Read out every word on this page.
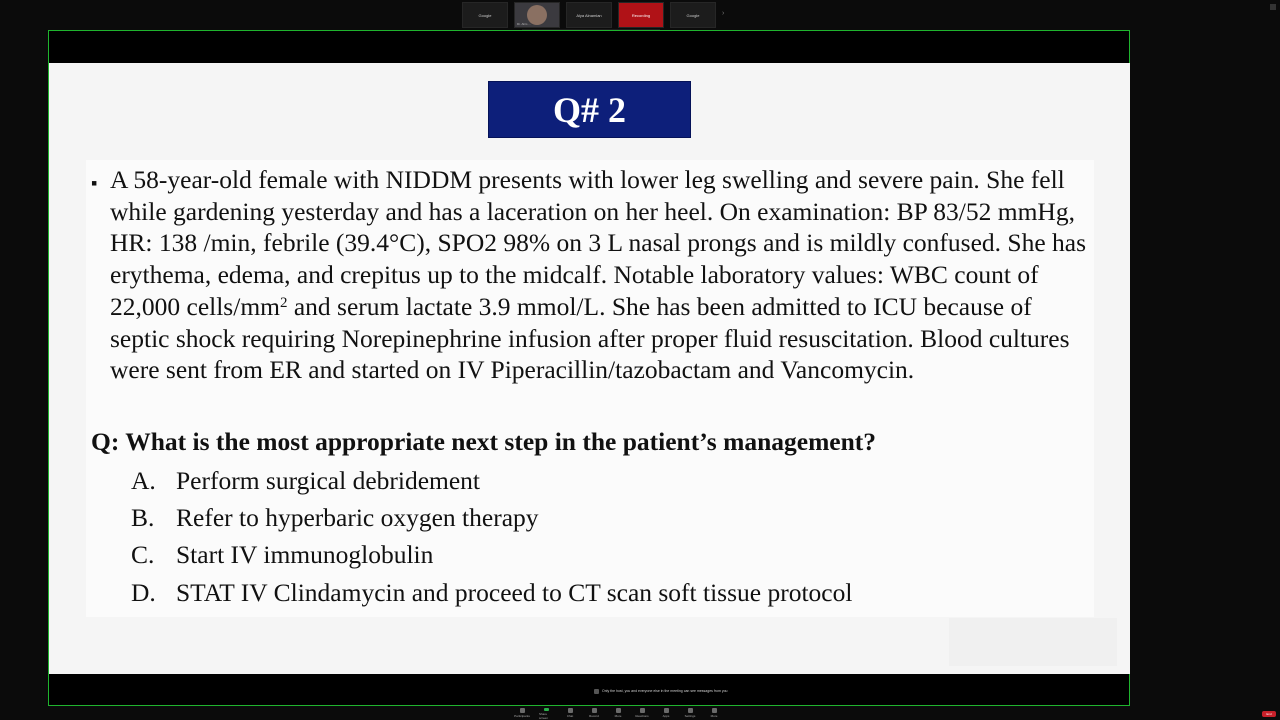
Google
Dr. Alim ...
Alya Alnamlan	Recording	Google	›
Q# 2
▪ A 58-year-old female with NIDDM presents with lower leg swelling and severe pain. She fell while gardening yesterday and has a laceration on her heel. On examination: BP 83/52 mmHg, HR: 138 /min, febrile (39.4°C), SPO2 98% on 3 L nasal prongs and is mildly confused. She has erythema, edema, and crepitus up to the midcalf. Notable laboratory values: WBC count of 22,000 cells/$mm^2$ and serum lactate 3.9 mmol/L. She has been admitted to ICU because of septic shock requiring Norepinephrine infusion after proper fluid resuscitation. Blood cultures were sent from ER and started on IV Piperacillin/tazobactam and Vancomycin.
Q: What is the most appropriate next step in the patient’s management?
A. Perform surgical debridement
B. Refer to hyperbaric oxygen therapy
C. Start IV immunoglobulin
D. STAT IV Clindamycin and proceed to CT scan soft tissue protocol
Only the host, you and everyone else in the meeting can see messages from you
Participants	Share screen	Chat	Record	More	Reactions	Apps	Settings	More	End
